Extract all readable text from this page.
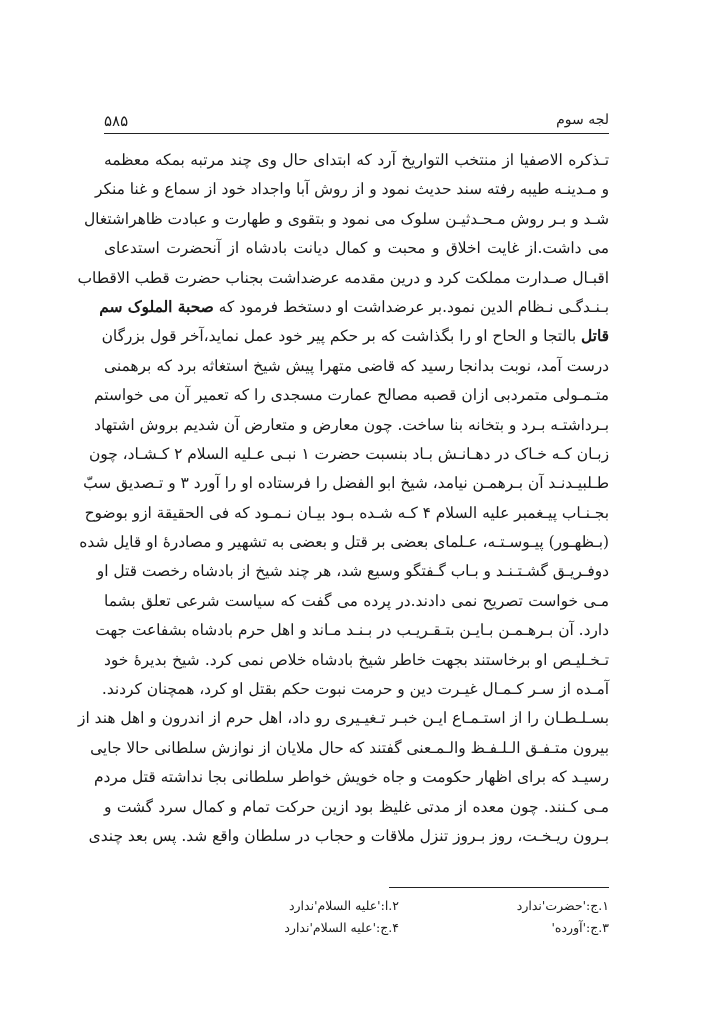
لجه سوم
۵۸۵
تـذکره الاصفیا از منتخب التواریخ آرد که ابتدای حال وی چند مرتبه بمکه معظمه
و مـدینـه طیبه رفته سند حدیث نمود و از روش آبا واجداد خود از سماع و غنا منکر
شـد و بـر روش مـحـدثیـن سلوک می نمود و بتقوی و طهارت و عبادت ظاهراشتغال
می داشت.از غایت اخلاق و محبت و کمال دیانت بادشاه از آنحضرت استدعای
اقبـال صـدارت مملکت کرد و درین مقدمه عرضداشت بجناب حضرت قطب الاقطاب
بـنـدگـی نـظام الدین نمود.بر عرضداشت او دستخط فرمود که صحبة الملوک سم
قاتل بالتجا و الحاح او را بگذاشت که بر حکم پیر خود عمل نماید،آخر قول بزرگان
درست آمد، نوبت بدانجا رسید که قاضی متهرا پیش شیخ استغاثه برد که برهمنی
متـمـولی متمردبی ازان قصبه مصالح عمارت مسجدی را که تعمیر آن می خواستم
بـرداشتـه بـرد و بتخانه بنا ساخت. چون معارض و متعارض آن شدیم بروش اشتهاد
زبـان کـه خـاک در دهـانـش بـاد بنسبت حضرت ۱ نبـی عـلیه السلام ۲ کـشـاد، چون
طـلبیـدنـد آن بـرهمـن نیامد، شیخ ابو الفضل را فرستاده او را آورد ۳ و تـصدیق سبّ
بجـنـاب پیـغمبر علیه السلام ۴ کـه شـده بـود بیـان نـمـود که فی الحقیقة ازو بوضوح
(بـظهـور) پیـوسـتـه، عـلمای بعضی بر قتل و بعضی به تشهیر و مصادرهٔ او قایل شده
دوفـریـق گشـتـنـد و بـاب گـفتگو وسیع شد، هر چند شیخ از بادشاه رخصت قتل او
مـی خواست تصریح نمی دادند.در پرده می گفت که سیاست شرعی تعلق بشما
دارد. آن بـرهـمـن بـایـن بتـقـریـب در بـنـد مـاند و اهل حرم بادشاه بشفاعت جهت
تـخـلیـص او برخاستند بجهت خاطر شیخ بادشاه خلاص نمی کرد. شیخ بدیرهٔ خود
آمـده از سـر کـمـال غیـرت دین و حرمت نبوت حکم بقتل او کرد، همچنان کردند.
بسـلـطـان را از استـمـاع ایـن خبـر تـغیـیری رو داد، اهل حرم از اندرون و اهل هند از
بیرون متـفـق الـلـفـظ والـمـعنی گفتند که حال ملایان از نوازش سلطانی حالا جایی
رسیـد که برای اظهار حکومت و جاه خویش خواطر سلطانی بجا نداشته قتل مردم
مـی کـنند. چون معده از مدتی غلیظ بود ازین حرکت تمام و کمال سرد گشت و
بـرون ریـخـت، روز بـروز تنزل ملاقات و حجاب در سلطان واقع شد. پس بعد چندی
۱.ج:'حضرت'ندارد
۲.ا:'علیه السلام'ندارد
۳.ج:'آورده'
۴.ج:'علیه السلام'ندارد
